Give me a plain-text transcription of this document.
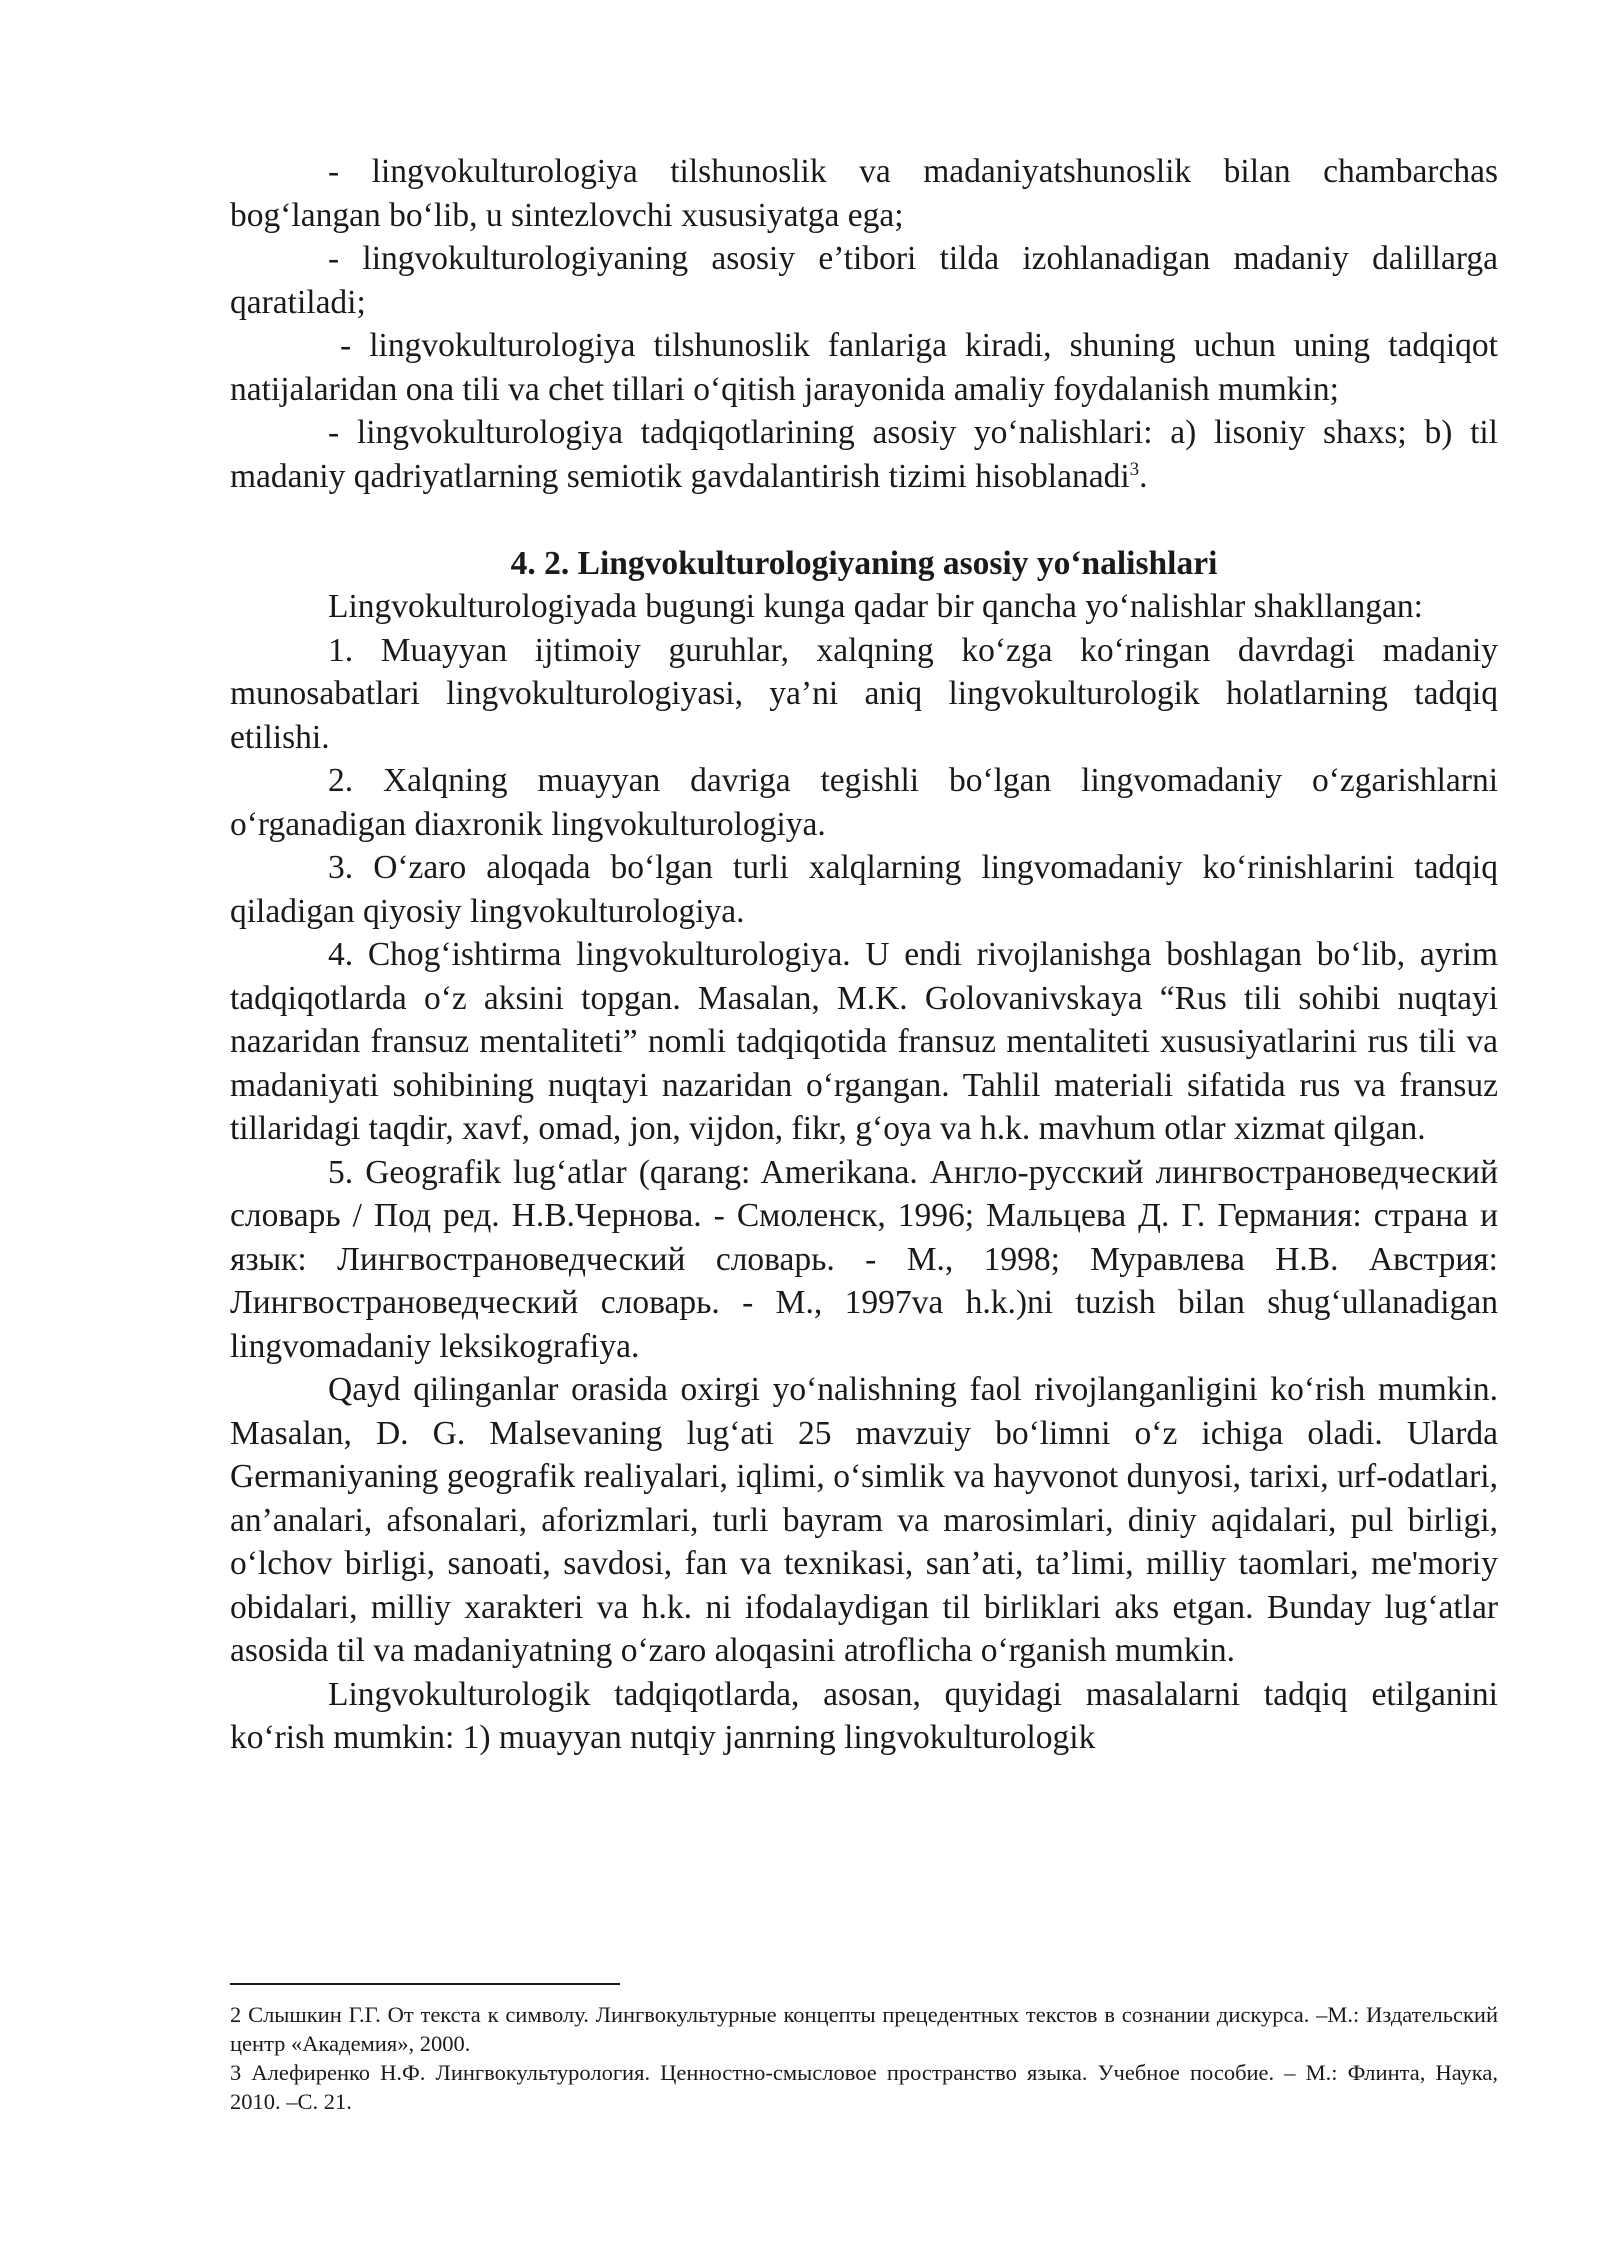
- lingvokulturologiya tilshunoslik va madaniyatshunoslik bilan chambarchas bog‘langan bo‘lib, u sintezlovchi xususiyatga ega;

- lingvokulturologiyaning asosiy e’tibori tilda izohlanadigan madaniy dalillarga qaratiladi;

- lingvokulturologiya tilshunoslik fanlariga kiradi, shuning uchun uning tadqiqot natijalaridan ona tili va chet tillari o‘qitish jarayonida amaliy foydalanish mumkin;

- lingvokulturologiya tadqiqotlarining asosiy yo‘nalishlari: a) lisoniy shaxs; b) til madaniy qadriyatlarning semiotik gavdalantirish tizimi hisoblanadi$^3$.

4. 2. Lingvokulturologiyaning asosiy yo‘nalishlari

Lingvokulturologiyada bugungi kunga qadar bir qancha yo‘nalishlar shakllangan:

1. Muayyan ijtimoiy guruhlar, xalqning ko‘zga ko‘ringan davrdagi madaniy munosabatlari lingvokulturologiyasi, ya’ni aniq lingvokulturologik holatlarning tadqiq etilishi.

2. Xalqning muayyan davriga tegishli bo‘lgan lingvomadaniy o‘zgarishlarni o‘rganadigan diaxronik lingvokulturologiya.

3. O‘zaro aloqada bo‘lgan turli xalqlarning lingvomadaniy ko‘rinishlarini tadqiq qiladigan qiyosiy lingvokulturologiya.

4. Chog‘ishtirma lingvokulturologiya. U endi rivojlanishga boshlagan bo‘lib, ayrim tadqiqotlarda o‘z aksini topgan. Masalan, M.K. Golovanivskaya “Rus tili sohibi nuqtayi nazaridan fransuz mentaliteti” nomli tadqiqotida fransuz mentaliteti xususiyatlarini rus tili va madaniyati sohibining nuqtayi nazaridan o‘rgangan. Tahlil materiali sifatida rus va fransuz tillaridagi taqdir, xavf, omad, jon, vijdon, fikr, g‘oya va h.k. mavhum otlar xizmat qilgan.

5. Geografik lug‘atlar (qarang: Amerikana. Англо-русский лингвострановедческий словарь / Под ред. Н.В.Чернова. - Смоленск, 1996; Мальцева Д. Г. Германия: страна и язык: Лингвострановедческий словарь. - М., 1998; Муравлева Н.В. Австрия: Лингвострановедческий словарь. - М., 1997va h.k.)ni tuzish bilan shug‘ullanadigan lingvomadaniy leksikografiya.

Qayd qilinganlar orasida oxirgi yo‘nalishning faol rivojlanganligini ko‘rish mumkin. Masalan, D. G. Malsevaning lug‘ati 25 mavzuiy bo‘limni o‘z ichiga oladi. Ularda Germaniyaning geografik realiyalari, iqlimi, o‘simlik va hayvonot dunyosi, tarixi, urf-odatlari, an’analari, afsonalari, aforizmlari, turli bayram va marosimlari, diniy aqidalari, pul birligi, o‘lchov birligi, sanoati, savdosi, fan va texnikasi, san’ati, ta’limi, milliy taomlari, me'moriy obidalari, milliy xarakteri va h.k. ni ifodalaydigan til birliklari aks etgan. Bunday lug‘atlar asosida til va madaniyatning o‘zaro aloqasini atroflicha o‘rganish mumkin.

Lingvokulturologik tadqiqotlarda, asosan, quyidagi masalalarni tadqiq etilganini ko‘rish mumkin: 1) muayyan nutqiy janrning lingvokulturologik

2 Слышкин Г.Г. От текста к символу. Лингвокультурные концепты прецедентных текстов в сознании дискурса. –М.: Издательский центр «Академия», 2000.

3 Алефиренко Н.Ф. Лингвокультурология. Ценностно-смысловое пространство языка. Учебное пособие. – М.: Флинта, Наука, 2010. –С. 21.
